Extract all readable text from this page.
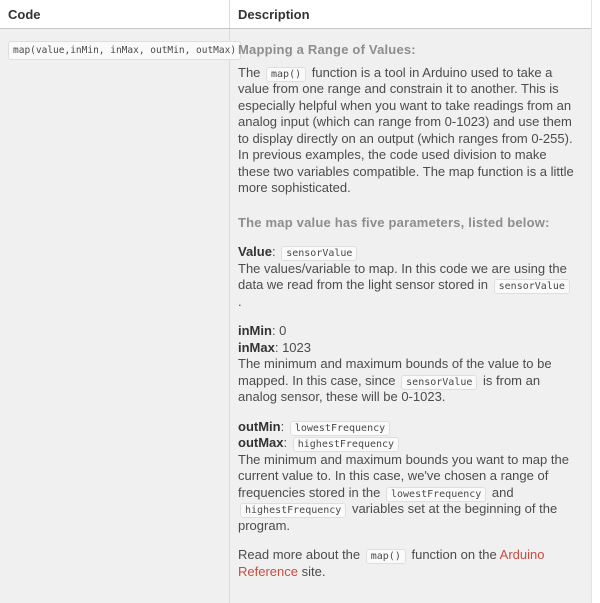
Code	Description
map(value,inMin, inMax, outMin, outMax) Mapping a Range of Values:

The map() function is a tool in Arduino used to take a value from one range and constrain it to another. This is especially helpful when you want to take readings from an analog input (which can range from 0-1023) and use them to display directly on an output (which ranges from 0-255). In previous examples, the code used division to make these two variables compatible. The map function is a little more sophisticated.

The map value has five parameters, listed below:

Value: sensorValue
The values/variable to map. In this code we are using the data we read from the light sensor stored in sensorValue .

inMin: 0
inMax: 1023
The minimum and maximum bounds of the value to be mapped. In this case, since sensorValue is from an analog sensor, these will be 0-1023.

outMin: lowestFrequency
outMax: highestFrequency
The minimum and maximum bounds you want to map the current value to. In this case, we've chosen a range of frequencies stored in the lowestFrequency and highestFrequency variables set at the beginning of the program.

Read more about the map() function on the Arduino Reference site.
